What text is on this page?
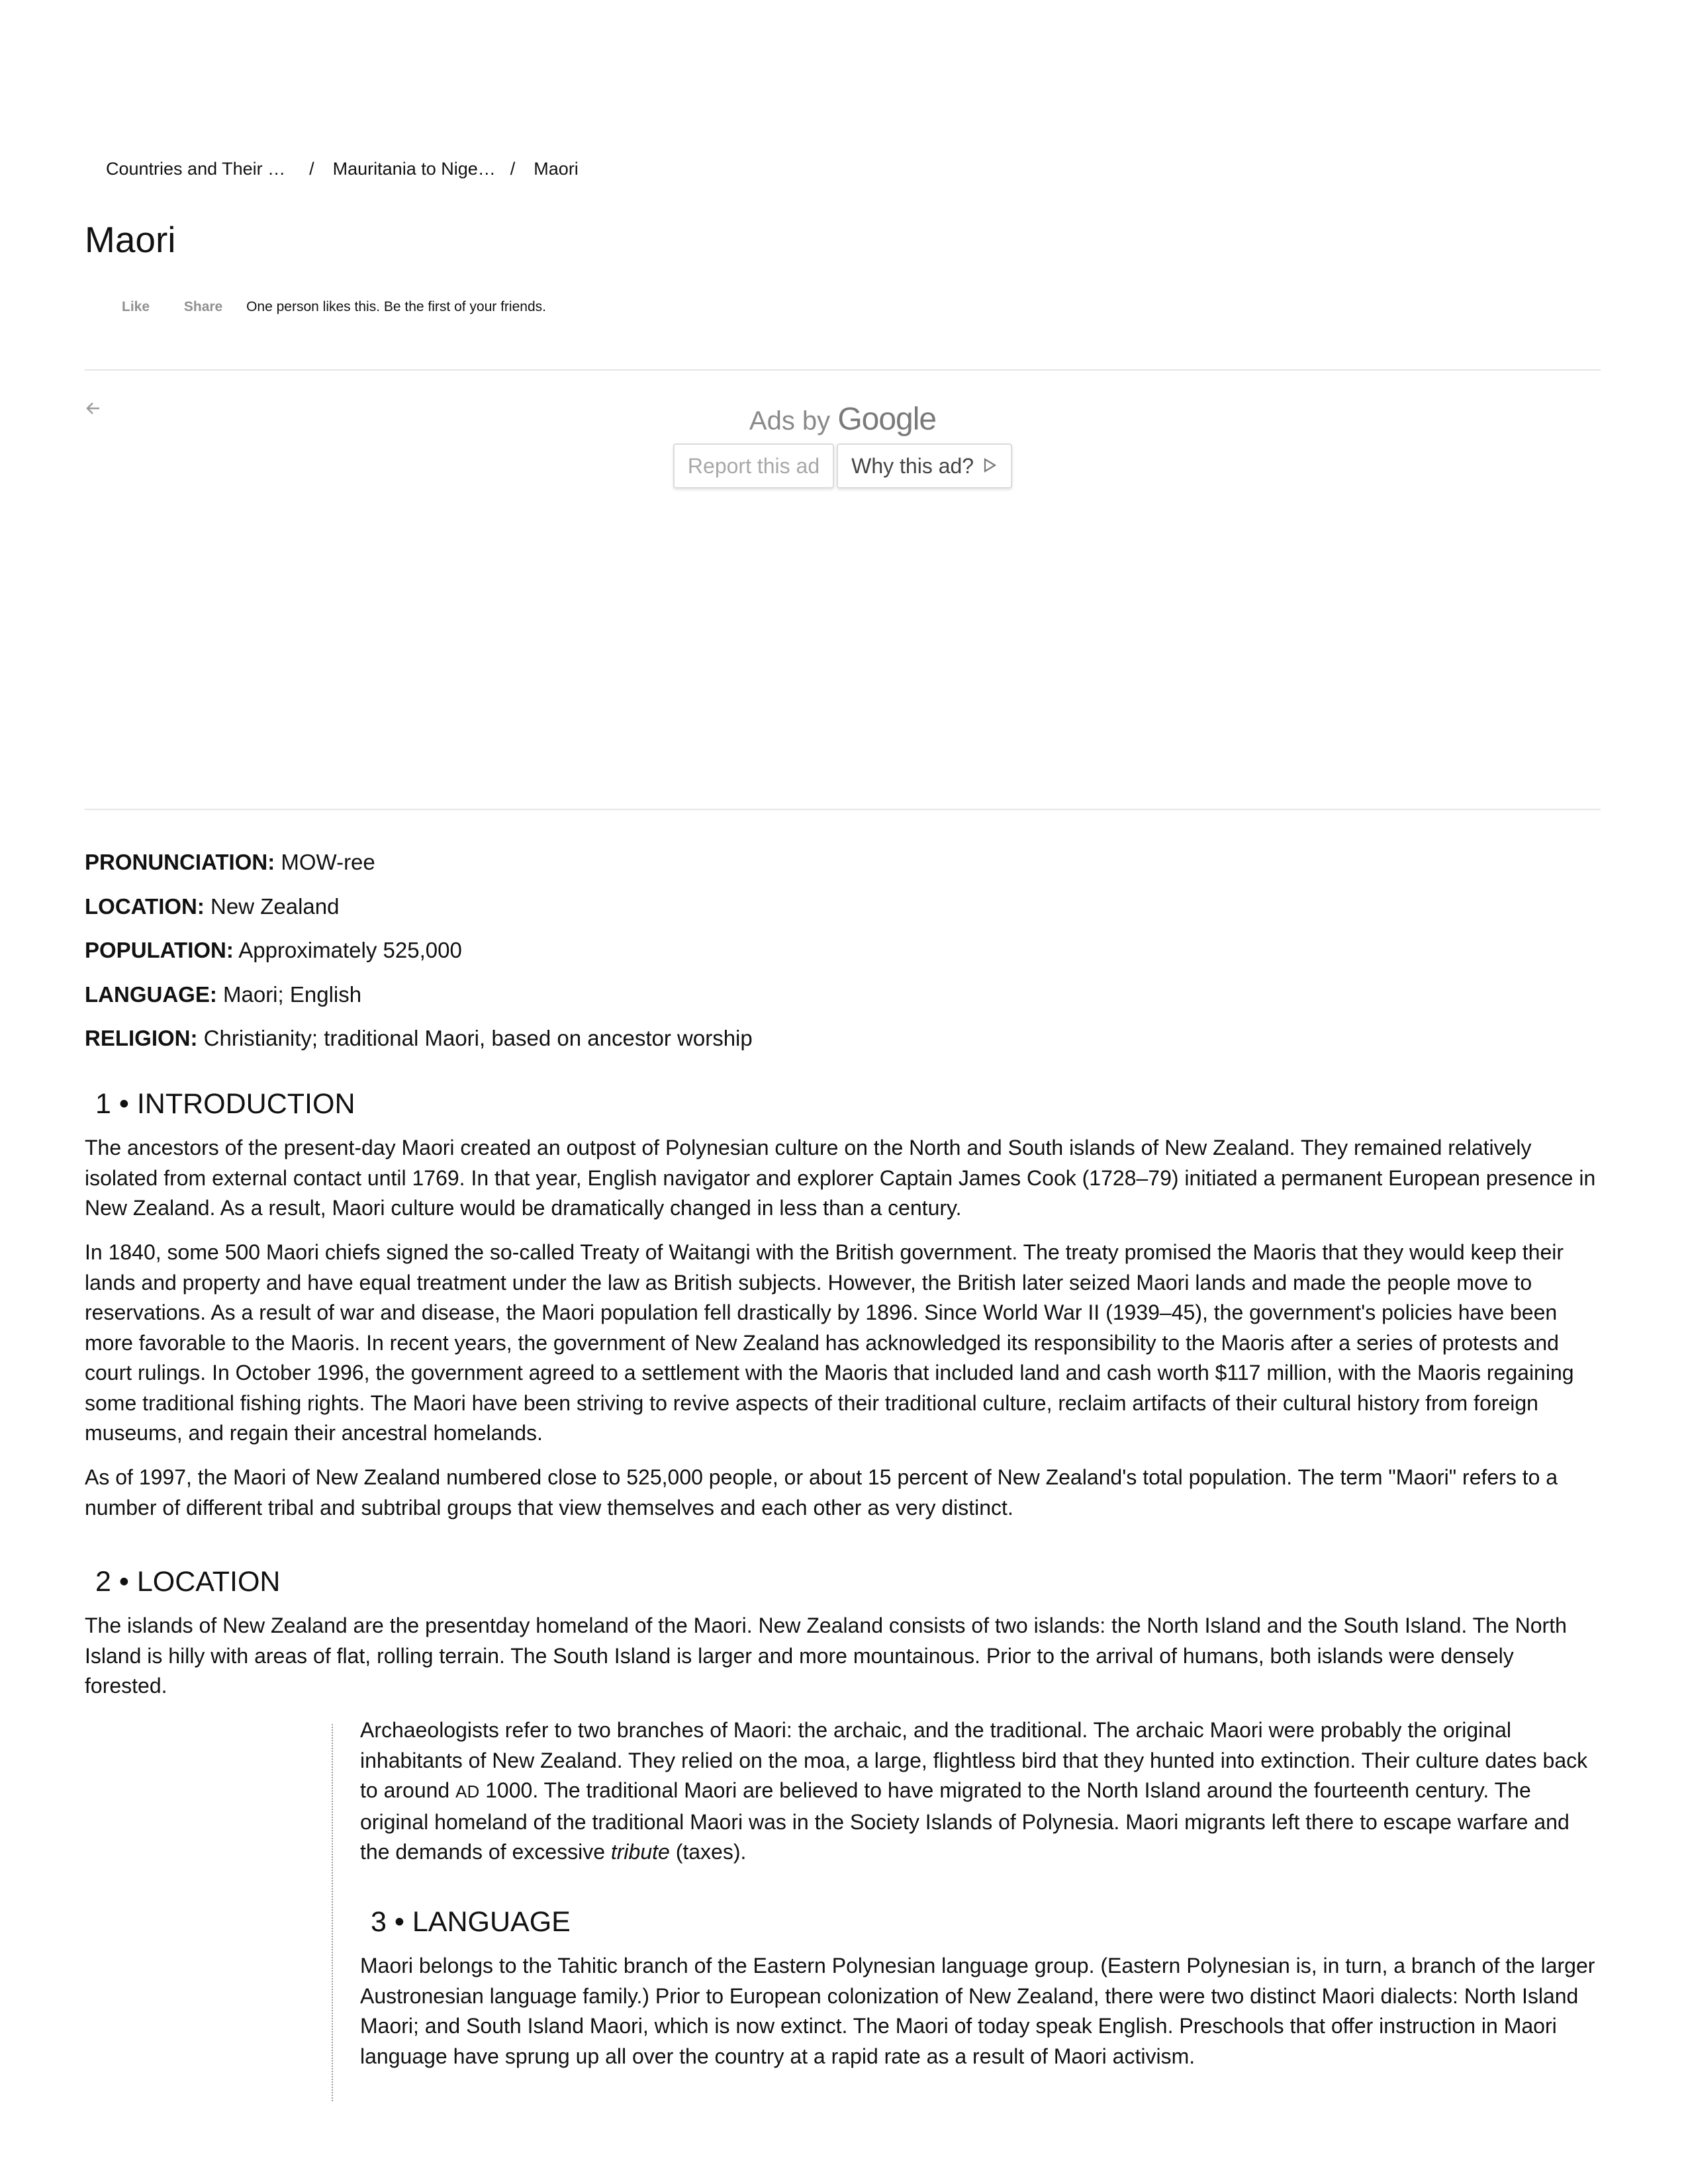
Countries and Their … / Mauritania to Nige… / Maori
Maori
Like Share One person likes this. Be the first of your friends.
Ads by Google
Report this ad Why this ad?

PRONUNCIATION: MOW-ree

LOCATION: New Zealand

POPULATION: Approximately 525,000

LANGUAGE: Maori; English

RELIGION: Christianity; traditional Maori, based on ancestor worship

1 • INTRODUCTION

The ancestors of the present-day Maori created an outpost of Polynesian culture on the North and South islands of New Zealand. They remained relatively isolated from external contact until 1769. In that year, English navigator and explorer Captain James Cook (1728–79) initiated a permanent European presence in New Zealand. As a result, Maori culture would be dramatically changed in less than a century.

In 1840, some 500 Maori chiefs signed the so-called Treaty of Waitangi with the British government. The treaty promised the Maoris that they would keep their lands and property and have equal treatment under the law as British subjects. However, the British later seized Maori lands and made the people move to reservations. As a result of war and disease, the Maori population fell drastically by 1896. Since World War II (1939–45), the government's policies have been more favorable to the Maoris. In recent years, the government of New Zealand has acknowledged its responsibility to the Maoris after a series of protests and court rulings. In October 1996, the government agreed to a settlement with the Maoris that included land and cash worth $117 million, with the Maoris regaining some traditional fishing rights. The Maori have been striving to revive aspects of their traditional culture, reclaim artifacts of their cultural history from foreign museums, and regain their ancestral homelands.

As of 1997, the Maori of New Zealand numbered close to 525,000 people, or about 15 percent of New Zealand's total population. The term "Maori" refers to a number of different tribal and subtribal groups that view themselves and each other as very distinct.

2 • LOCATION

The islands of New Zealand are the presentday homeland of the Maori. New Zealand consists of two islands: the North Island and the South Island. The North Island is hilly with areas of flat, rolling terrain. The South Island is larger and more mountainous. Prior to the arrival of humans, both islands were densely forested.

Archaeologists refer to two branches of Maori: the archaic, and the traditional. The archaic Maori were probably the original inhabitants of New Zealand. They relied on the moa, a large, flightless bird that they hunted into extinction. Their culture dates back to around AD 1000. The traditional Maori are believed to have migrated to the North Island around the fourteenth century. The original homeland of the traditional Maori was in the Society Islands of Polynesia. Maori migrants left there to escape warfare and the demands of excessive tribute (taxes).

3 • LANGUAGE

Maori belongs to the Tahitic branch of the Eastern Polynesian language group. (Eastern Polynesian is, in turn, a branch of the larger Austronesian language family.) Prior to European colonization of New Zealand, there were two distinct Maori dialects: North Island Maori; and South Island Maori, which is now extinct. The Maori of today speak English. Preschools that offer instruction in Maori language have sprung up all over the country at a rapid rate as a result of Maori activism.
